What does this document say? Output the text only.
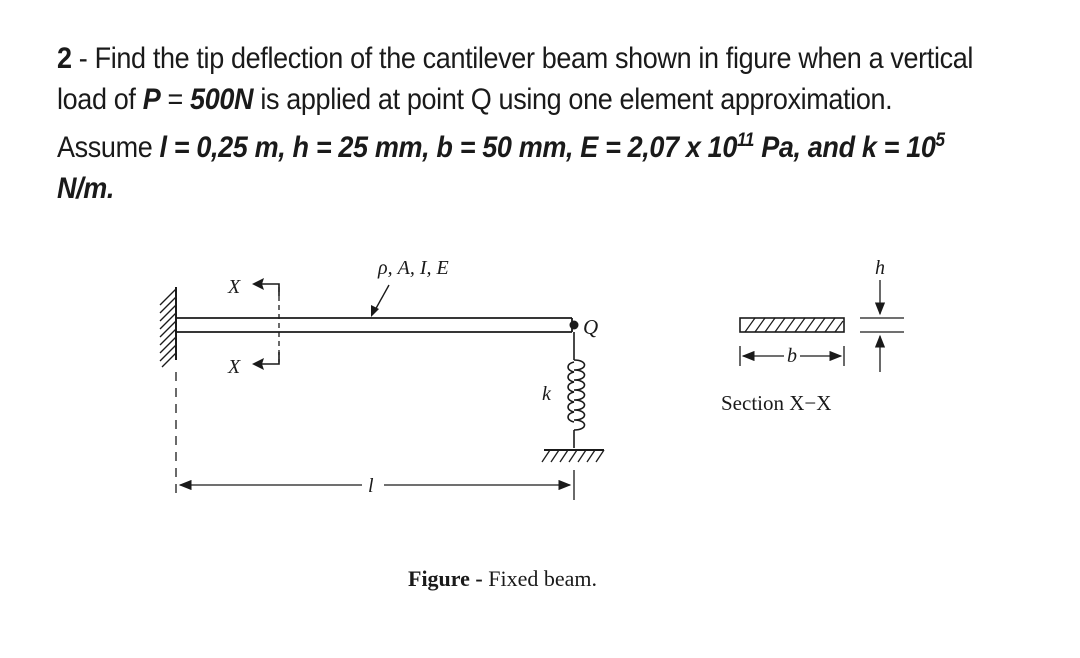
2 - Find the tip deflection of the cantilever beam shown in figure when a vertical load of P = 500N is applied at point Q using one element approximation. Assume l = 0,25 m, h = 25 mm, b = 50 mm, E = 2,07 x $10^{11}$ Pa, and $k = 10^5$ N/m.
X
X
ρ, A, I, E
Q
k
l
h
b
Section X−X
Figure - Fixed beam.
